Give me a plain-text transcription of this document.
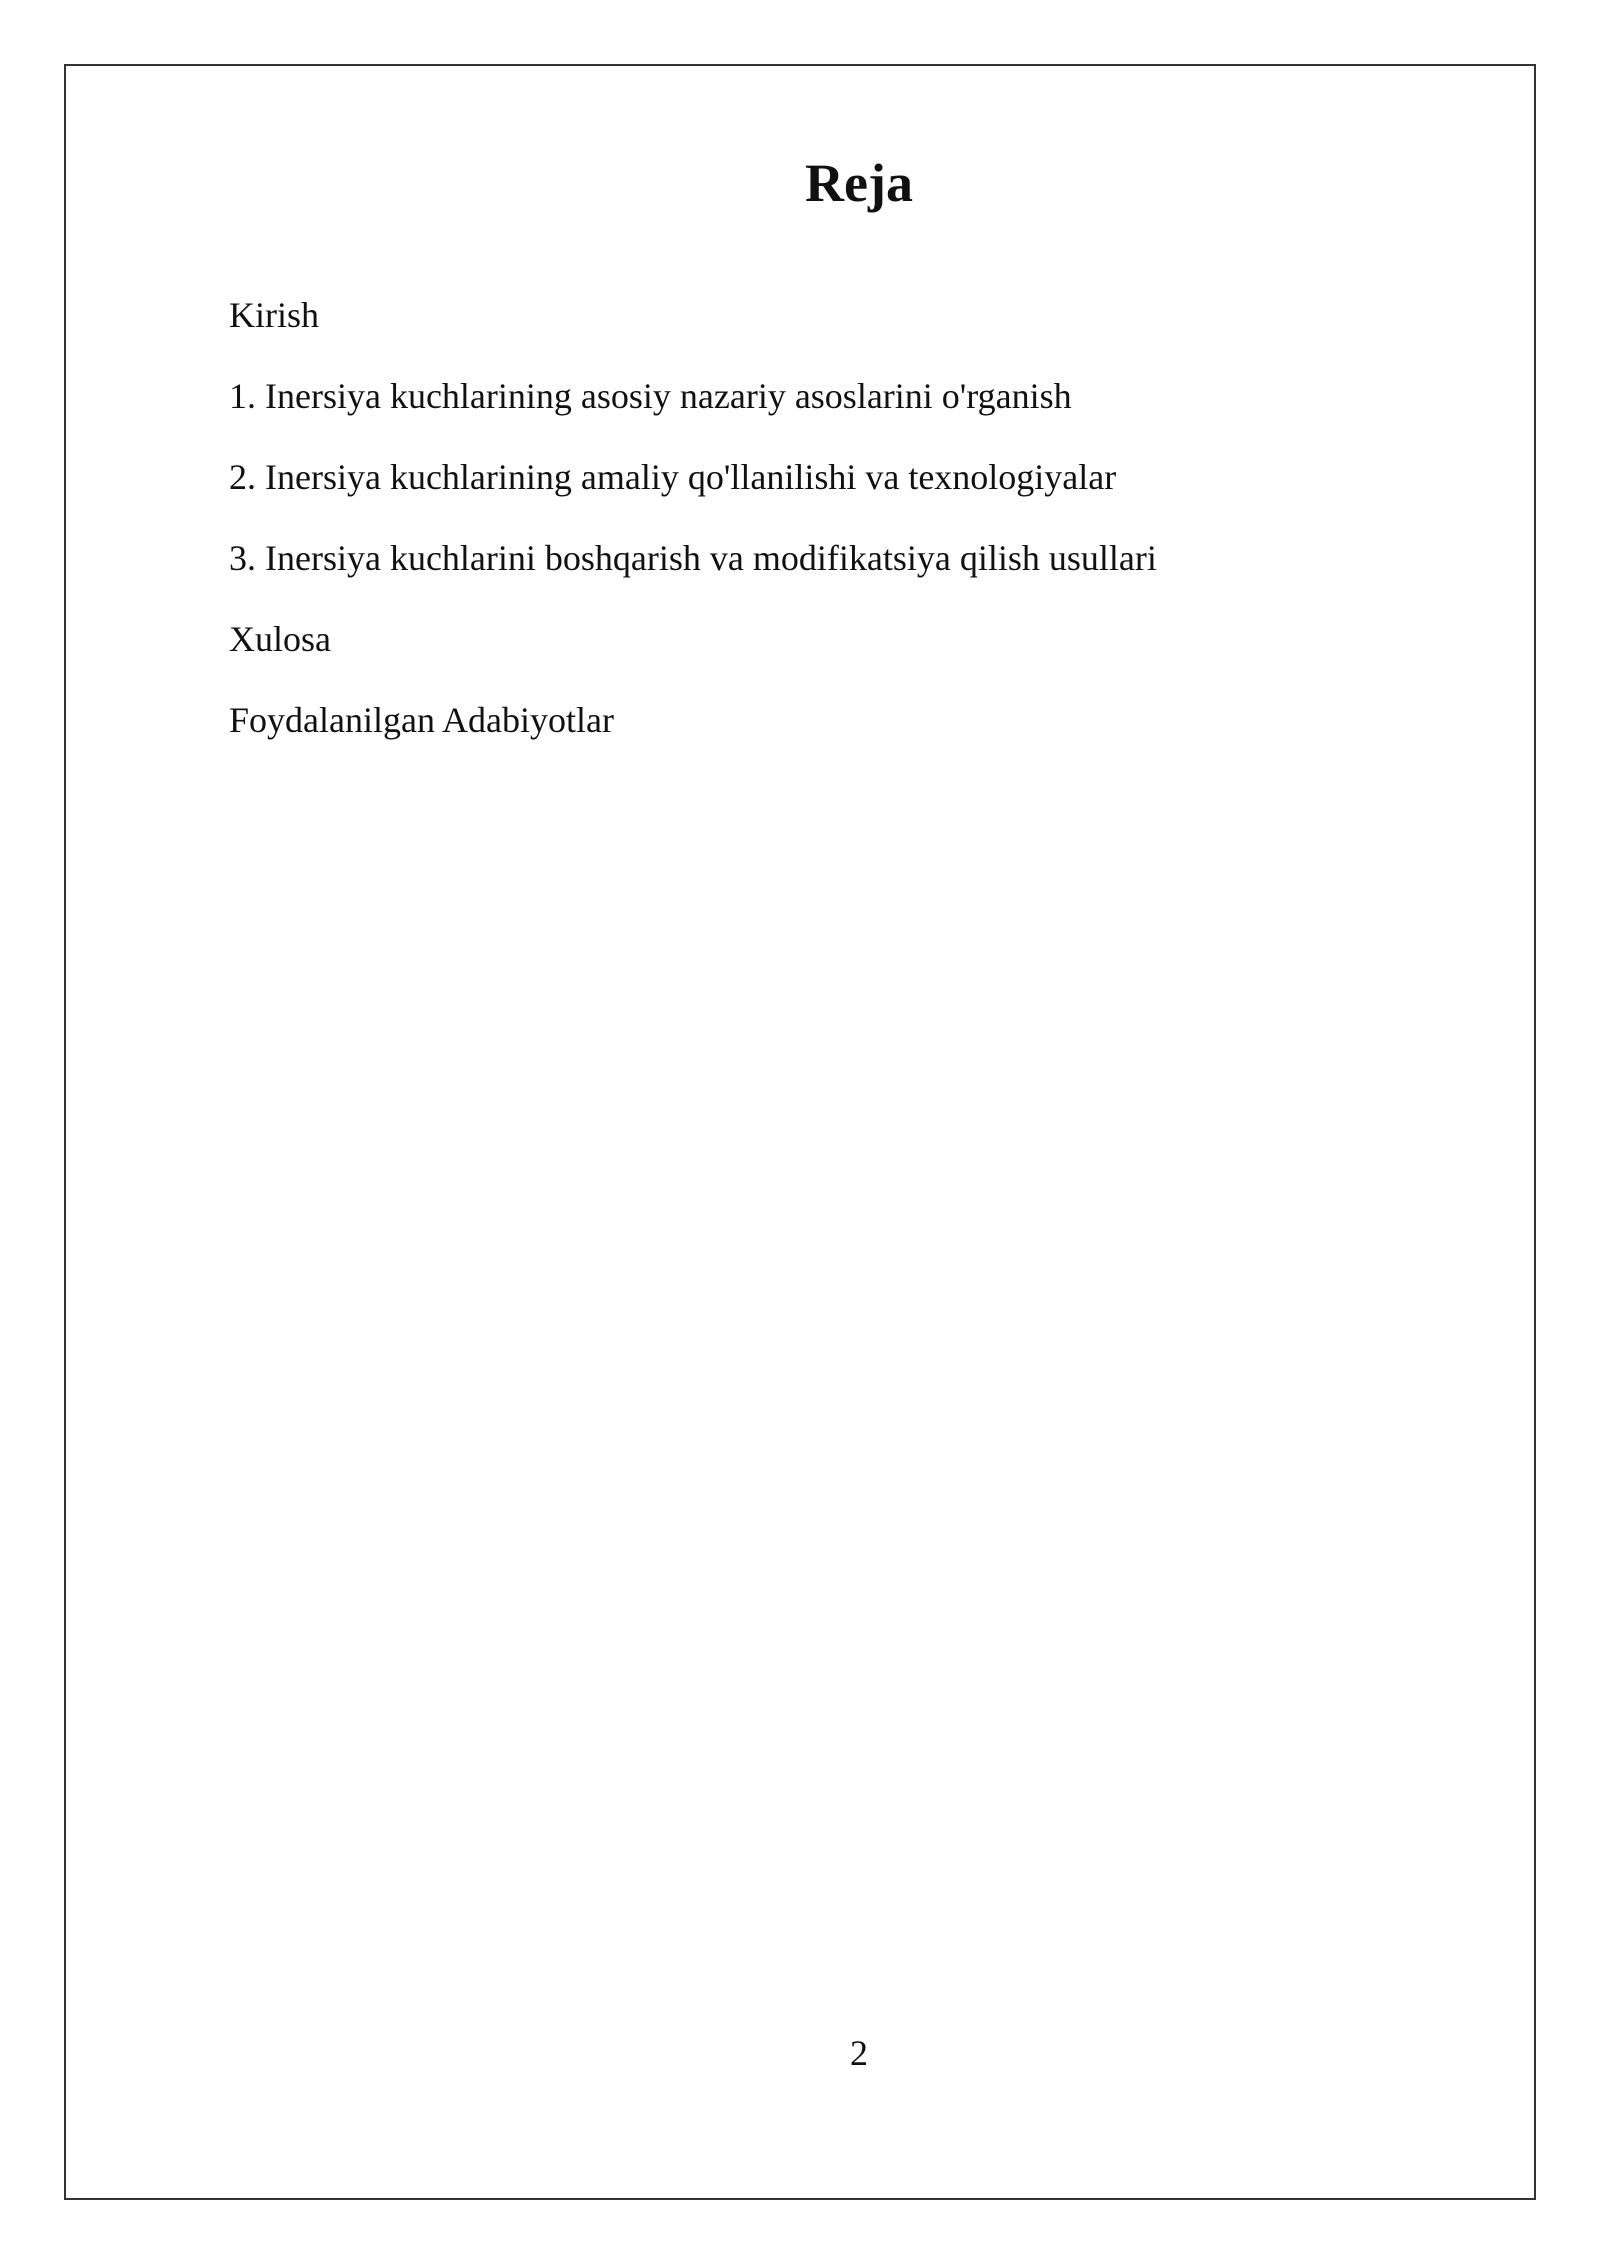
Reja
Kirish
1. Inersiya kuchlarining asosiy nazariy asoslarini o'rganish
2. Inersiya kuchlarining amaliy qo'llanilishi va texnologiyalar
3. Inersiya kuchlarini boshqarish va modifikatsiya qilish usullari
Xulosa
Foydalanilgan Adabiyotlar
2
